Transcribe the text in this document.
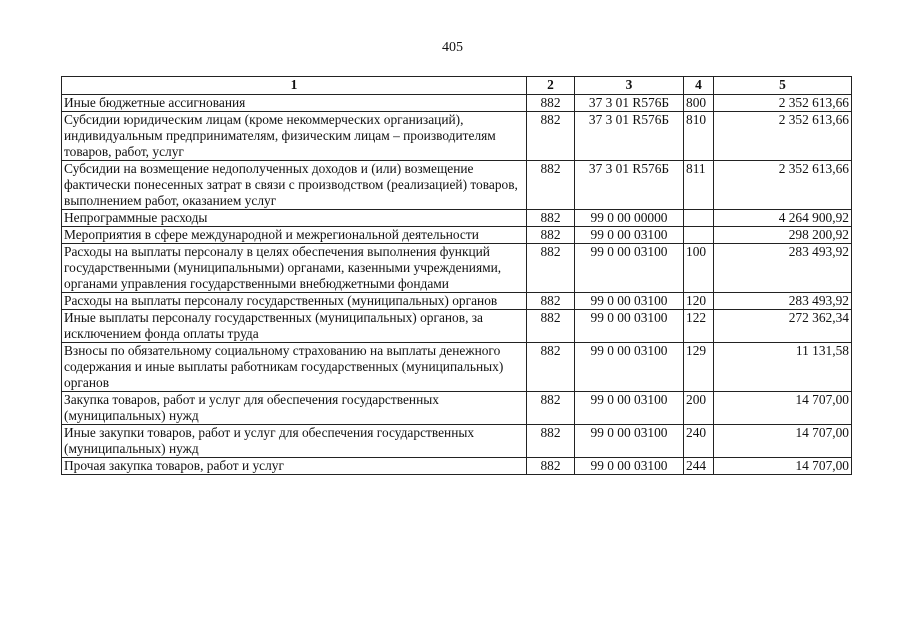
405
1	2	3	4	5
Иные бюджетные ассигнования	882	37 3 01 R576Б	800	2 352 613,66
Субсидии юридическим лицам (кроме некоммерческих организаций), индивидуальным предпринимателям, физическим лицам – производителям товаров, работ, услуг	882	37 3 01 R576Б	810	2 352 613,66
Субсидии на возмещение недополученных доходов и (или) возмещение фактически понесенных затрат в связи с производством (реализацией) товаров, выполнением работ, оказанием услуг	882	37 3 01 R576Б	811	2 352 613,66
Непрограммные расходы	882	99 0 00 00000		4 264 900,92
Мероприятия в сфере международной и межрегиональной деятельности	882	99 0 00 03100		298 200,92
Расходы на выплаты персоналу в целях обеспечения выполнения функций государственными (муниципальными) органами, казенными учреждениями, органами управления государственными внебюджетными фондами	882	99 0 00 03100	100	283 493,92
Расходы на выплаты персоналу государственных (муниципальных) органов	882	99 0 00 03100	120	283 493,92
Иные выплаты персоналу государственных (муниципальных) органов, за исключением фонда оплаты труда	882	99 0 00 03100	122	272 362,34
Взносы по обязательному социальному страхованию на выплаты денежного содержания и иные выплаты работникам государственных (муниципальных) органов	882	99 0 00 03100	129	11 131,58
Закупка товаров, работ и услуг для обеспечения государственных (муниципальных) нужд	882	99 0 00 03100	200	14 707,00
Иные закупки товаров, работ и услуг для обеспечения государственных (муниципальных) нужд	882	99 0 00 03100	240	14 707,00
Прочая закупка товаров, работ и услуг	882	99 0 00 03100	244	14 707,00
